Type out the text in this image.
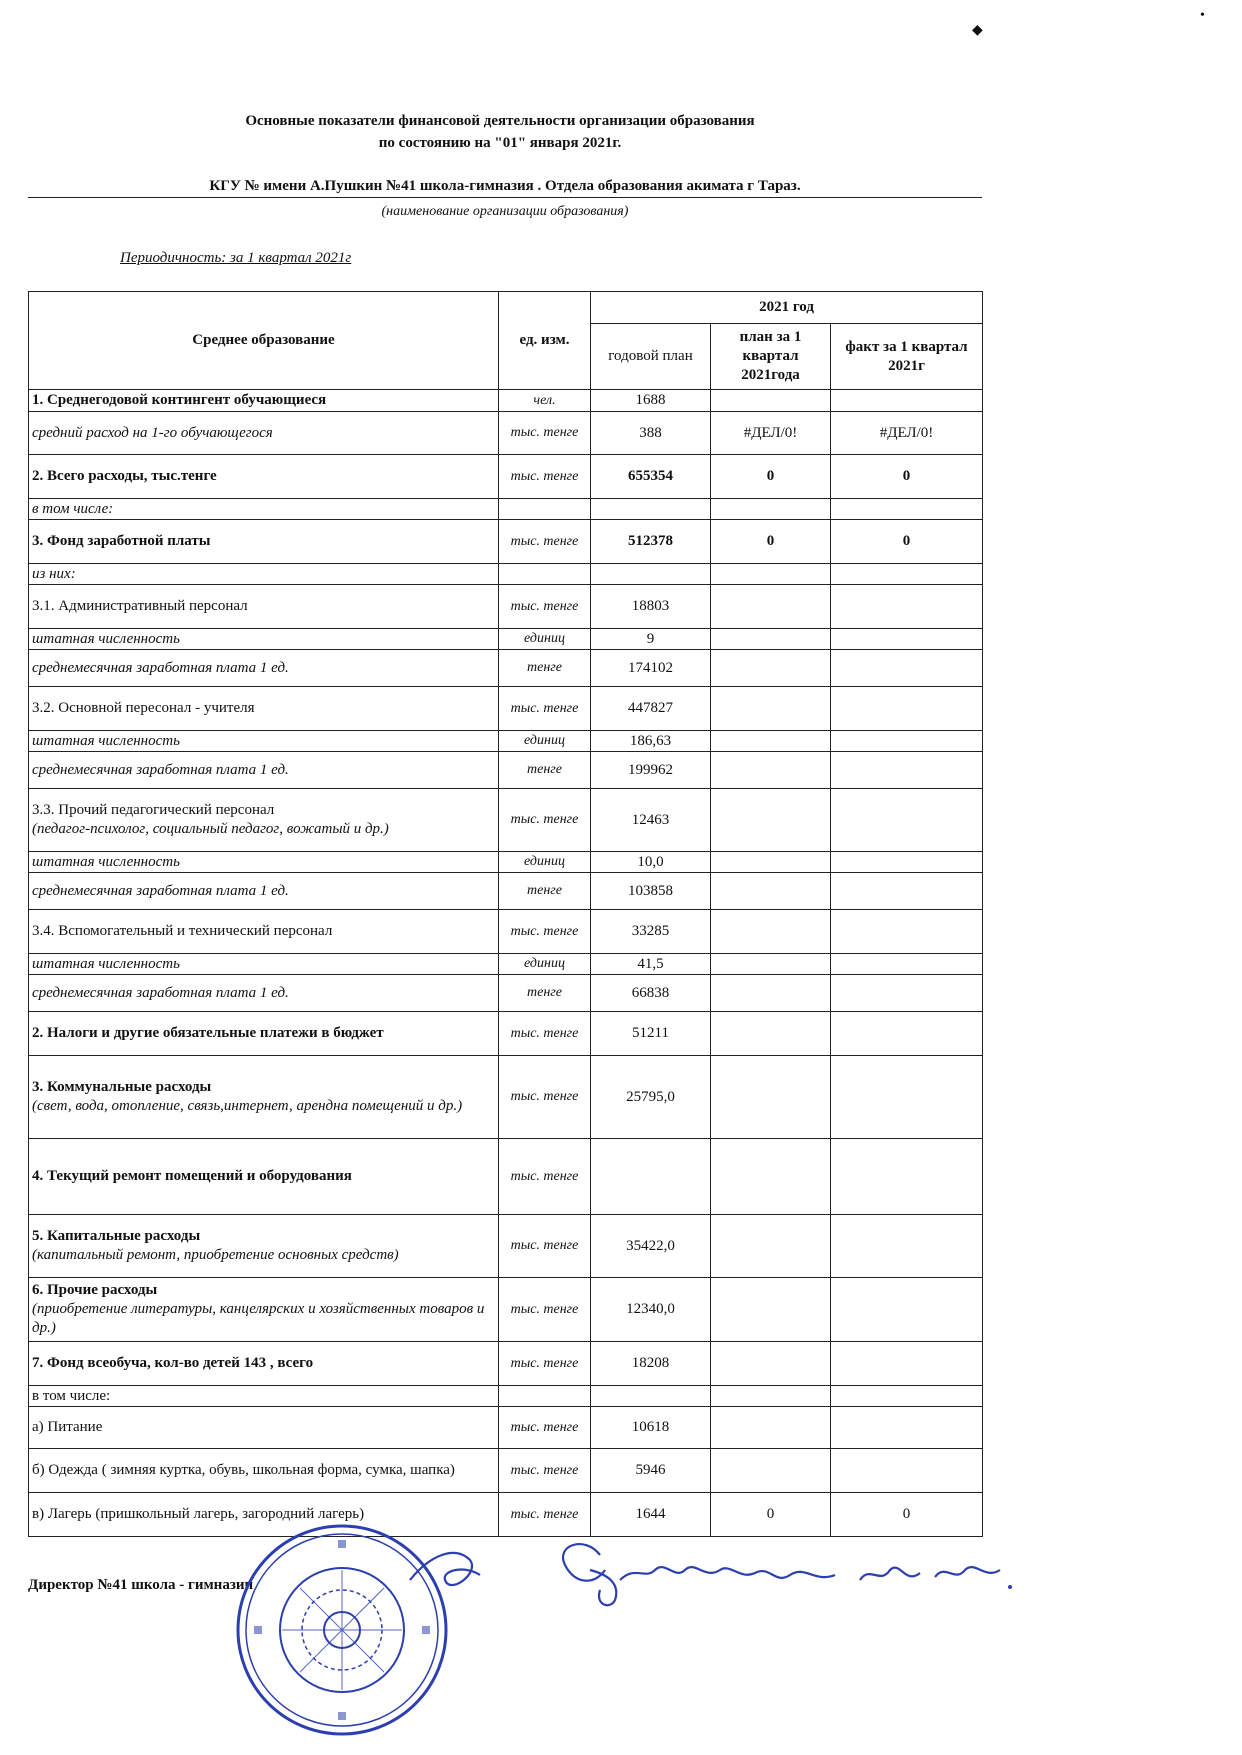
◆
•
Основные показатели финансовой деятельности организации образования
по состоянию на "01" января 2021г.
КГУ № имени А.Пушкин №41 школа-гимназия . Отдела образования акимата г Тараз.
(наименование организации образования)
Периодичность: за 1 квартал 2021г
Среднее образование	ед. изм.	2021 год		
		годовой план	план за 1 квартал 2021года	факт за 1 квартал 2021г
1. Среднегодовой контингент обучающиеся	чел.	1688		
средний расход на 1-го обучающегося	тыс. тенге	388	#ДЕЛ/0!	#ДЕЛ/0!
2. Всего расходы, тыс.тенге	тыс. тенге	655354	0	0
в том числе:				
3. Фонд заработной платы	тыс. тенге	512378	0	0
из них:				
3.1. Административный персонал	тыс. тенге	18803		
штатная численность	единиц	9		
среднемесячная заработная плата 1 ед.	тенге	174102		
3.2. Основной пересонал - учителя	тыс. тенге	447827		
штатная численность	единиц	186,63		
среднемесячная заработная плата 1 ед.	тенге	199962		
3.3. Прочий педагогический персонал
(педагог-психолог, социальный педагог, вожатый и др.)	тыс. тенге	12463		
штатная численность	единиц	10,0		
среднемесячная заработная плата 1 ед.	тенге	103858		
3.4. Вспомогательный и технический персонал	тыс. тенге	33285		
штатная численность	единиц	41,5		
среднемесячная заработная плата 1 ед.	тенге	66838		
2. Налоги и другие обязательные платежи в бюджет	тыс. тенге	51211		
3. Коммунальные расходы
(свет, вода, отопление, связь,интернет, арендна помещений и др.)	тыс. тенге	25795,0		
4. Текущий ремонт помещений и оборудования	тыс. тенге			
5. Капитальные расходы
(капитальный ремонт, приобретение основных средств)	тыс. тенге	35422,0		
6. Прочие расходы
(приобретение литературы, канцелярских и хозяйственных товаров и др.)	тыс. тенге	12340,0		
7. Фонд всеобуча, кол-во детей 143 , всего	тыс. тенге	18208		
в том числе:				
а) Питание	тыс. тенге	10618		
б) Одежда ( зимняя куртка, обувь, школьная форма, сумка, шапка)	тыс. тенге	5946		
в) Лагерь (пришкольный лагерь, загородний лагерь)	тыс. тенге	1644	0	0
Директор №41 школа - гимназии
